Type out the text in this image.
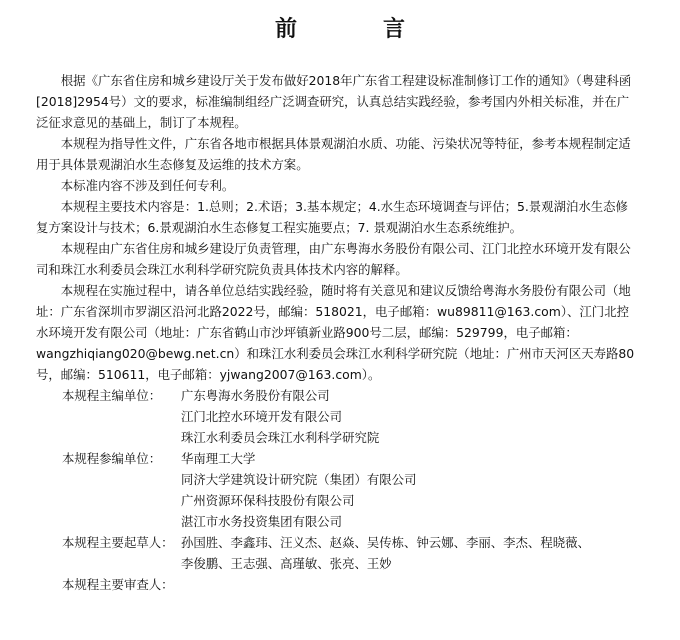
前　言

根据《广东省住房和城乡建设厅关于发布做好2018年广东省工程建设标准制修订工作的通知》（粤建科函[2018]2954号）文的要求，标准编制组经广泛调查研究，认真总结实践经验，参考国内外相关标准，并在广泛征求意见的基础上，制订了本规程。

本规程为指导性文件，广东省各地市根据具体景观湖泊水质、功能、污染状况等特征，参考本规程制定适用于具体景观湖泊水生态修复及运维的技术方案。

本标准内容不涉及到任何专利。

本规程主要技术内容是：1.总则；2.术语；3.基本规定；4.水生态环境调查与评估；5.景观湖泊水生态修复方案设计与技术；6.景观湖泊水生态修复工程实施要点；7. 景观湖泊水生态系统维护。

本规程由广东省住房和城乡建设厅负责管理，由广东粤海水务股份有限公司、江门北控水环境开发有限公司和珠江水利委员会珠江水利科学研究院负责具体技术内容的解释。

本规程在实施过程中，请各单位总结实践经验，随时将有关意见和建议反馈给粤海水务股份有限公司（地址：广东省深圳市罗湖区沿河北路2022号，邮编：518021，电子邮箱：wu89811@163.com）、江门北控水环境开发有限公司（地址：广东省鹤山市沙坪镇新业路900号二层，邮编：529799，电子邮箱：wangzhiqiang020@bewg.net.cn）和珠江水利委员会珠江水利科学研究院（地址：广州市天河区天寿路80号，邮编：510611，电子邮箱：yjwang2007@163.com）。

本规程主编单位： 广东粤海水务股份有限公司
江门北控水环境开发有限公司
珠江水利委员会珠江水利科学研究院
本规程参编单位： 华南理工大学
同济大学建筑设计研究院（集团）有限公司
广州资源环保科技股份有限公司
湛江市水务投资集团有限公司
本规程主要起草人： 孙国胜、李鑫玮、汪义杰、赵焱、吴传栋、钟云娜、李丽、李杰、程晓薇、
李俊鹏、王志强、高瑾敏、张亮、王妙
本规程主要审查人：
